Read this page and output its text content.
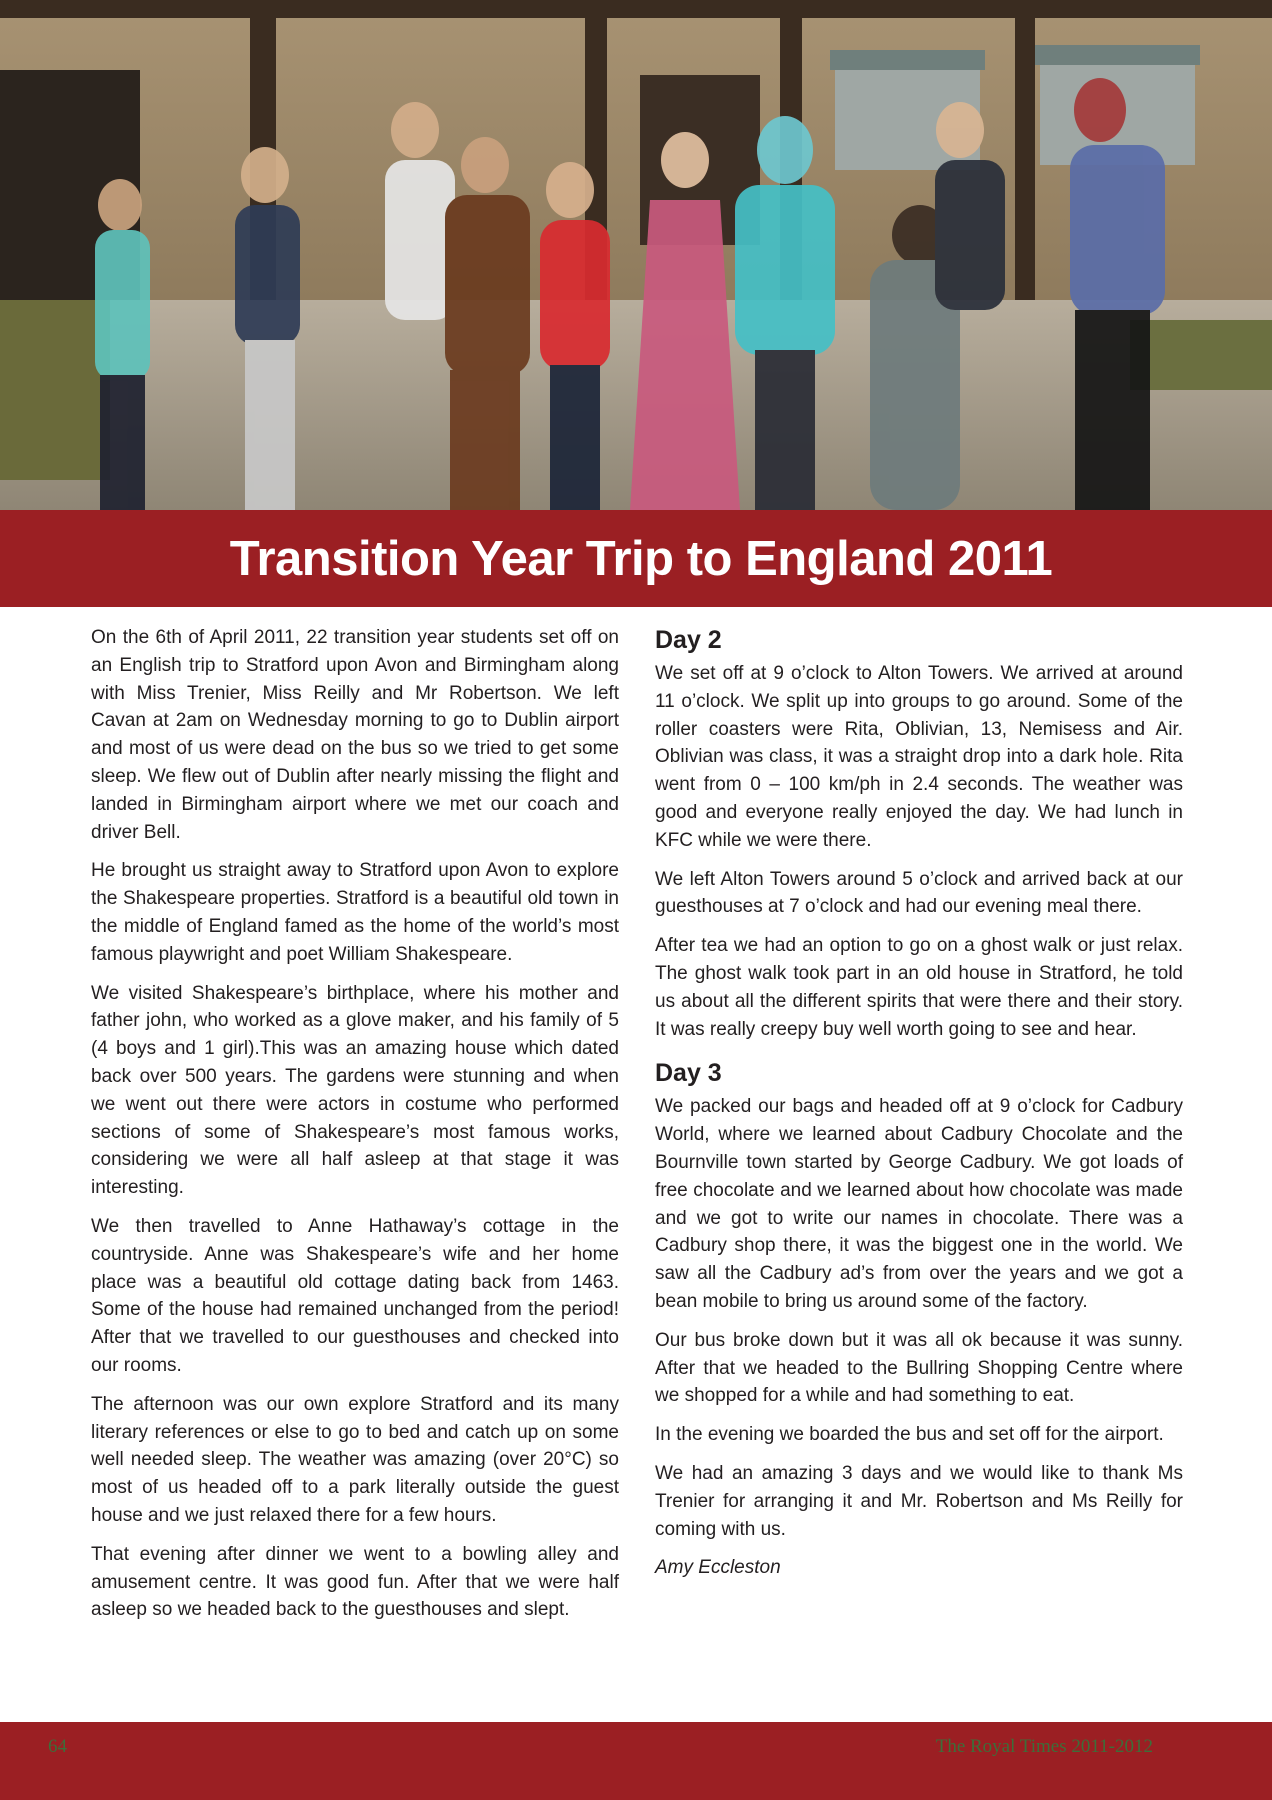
Transition Year Trip to England 2011

On the 6th of April 2011, 22 transition year students set off on an English trip to Stratford upon Avon and Birmingham along with Miss Trenier, Miss Reilly and Mr Robertson. We left Cavan at 2am on Wednesday morning to go to Dublin airport and most of us were dead on the bus so we tried to get some sleep. We flew out of Dublin after nearly missing the flight and landed in Birmingham airport where we met our coach and driver Bell.

He brought us straight away to Stratford upon Avon to explore the Shakespeare properties. Stratford is a beautiful old town in the middle of England famed as the home of the world’s most famous playwright and poet William Shakespeare.

We visited Shakespeare’s birthplace, where his mother and father john, who worked as a glove maker, and his family of 5 (4 boys and 1 girl).This was an amazing house which dated back over 500 years. The gardens were stunning and when we went out there were actors in costume who performed sections of some of Shakespeare’s most famous works, considering we were all half asleep at that stage it was interesting.

We then travelled to Anne Hathaway’s cottage in the countryside. Anne was Shakespeare’s wife and her home place was a beautiful old cottage dating back from 1463. Some of the house had remained unchanged from the period! After that we travelled to our guesthouses and checked into our rooms.

The afternoon was our own explore Stratford and its many literary references or else to go to bed and catch up on some well needed sleep. The weather was amazing (over 20°C) so most of us headed off to a park literally outside the guest house and we just relaxed there for a few hours.

That evening after dinner we went to a bowling alley and amusement centre. It was good fun. After that we were half asleep so we headed back to the guesthouses and slept.

Day 2

We set off at 9 o’clock to Alton Towers. We arrived at around 11 o’clock. We split up into groups to go around. Some of the roller coasters were Rita, Oblivian, 13, Nemisess and Air. Oblivian was class, it was a straight drop into a dark hole. Rita went from 0 – 100 km/ph in 2.4 seconds. The weather was good and everyone really enjoyed the day. We had lunch in KFC while we were there.

We left Alton Towers around 5 o’clock and arrived back at our guesthouses at 7 o’clock and had our evening meal there.

After tea we had an option to go on a ghost walk or just relax. The ghost walk took part in an old house in Stratford, he told us about all the different spirits that were there and their story. It was really creepy buy well worth going to see and hear.

Day 3

We packed our bags and headed off at 9 o’clock for Cadbury World, where we learned about Cadbury Chocolate and the Bournville town started by George Cadbury. We got loads of free chocolate and we learned about how chocolate was made and we got to write our names in chocolate. There was a Cadbury shop there, it was the biggest one in the world. We saw all the Cadbury ad’s from over the years and we got a bean mobile to bring us around some of the factory.

Our bus broke down but it was all ok because it was sunny. After that we headed to the Bullring Shopping Centre where we shopped for a while and had something to eat.

In the evening we boarded the bus and set off for the airport.

We had an amazing 3 days and we would like to thank Ms Trenier for arranging it and Mr. Robertson and Ms Reilly for coming with us.

Amy Eccleston

64	The Royal Times 2011-2012
